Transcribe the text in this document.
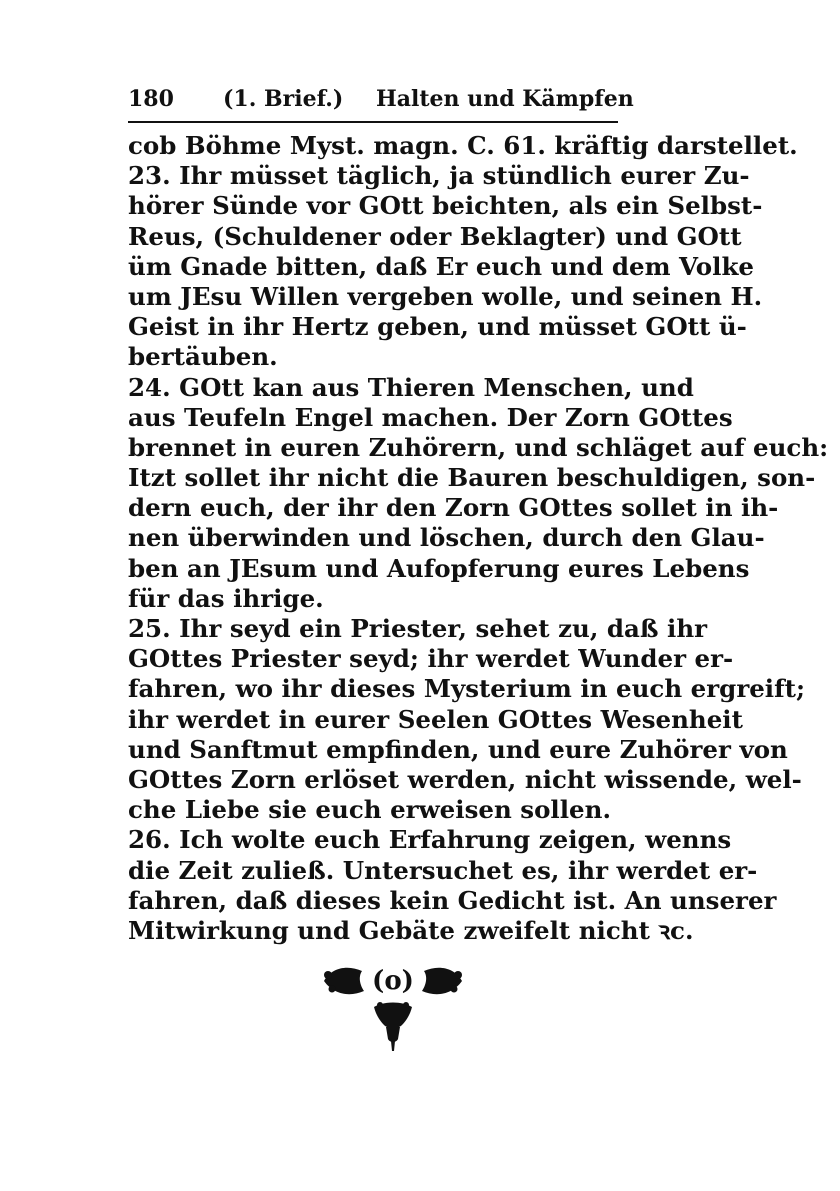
180 (1. Brief.) Halten und Kämpfen
cob Böhme Myst. magn. C. 61. kräftig darstellet.
23. Ihr müsset täglich, ja stündlich eurer Zu-
hörer Sünde vor GOtt beichten, als ein Selbst-
Reus, (Schuldener oder Beklagter) und GOtt
üm Gnade bitten, daß Er euch und dem Volke
um JEsu Willen vergeben wolle, und seinen H.
Geist in ihr Hertz geben, und müsset GOtt ü-
bertäuben.
24. GOtt kan aus Thieren Menschen, und
aus Teufeln Engel machen. Der Zorn GOttes
brennet in euren Zuhörern, und schläget auf euch:
Itzt sollet ihr nicht die Bauren beschuldigen, son-
dern euch, der ihr den Zorn GOttes sollet in ih-
nen überwinden und löschen, durch den Glau-
ben an JEsum und Aufopferung eures Lebens
für das ihrige.
25. Ihr seyd ein Priester, sehet zu, daß ihr
GOttes Priester seyd; ihr werdet Wunder er-
fahren, wo ihr dieses Mysterium in euch ergreift;
ihr werdet in eurer Seelen GOttes Wesenheit
und Sanftmut empfinden, und eure Zuhörer von
GOttes Zorn erlöset werden, nicht wissende, wel-
che Liebe sie euch erweisen sollen.
26. Ich wolte euch Erfahrung zeigen, wenns
die Zeit zuließ. Untersuchet es, ihr werdet er-
fahren, daß dieses kein Gedicht ist. An unserer
Mitwirkung und Gebäte zweifelt nicht ꝛc.
(o)
